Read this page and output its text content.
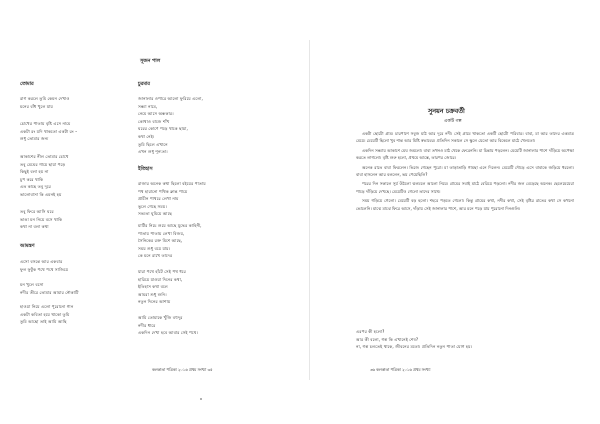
সূজন পাল
তোমার
রাগ করলে তুমি কেমন দেখাও
মনের বাঁধ খুলে যায়
চোখের পাতায় বৃষ্টি এসে নামে
একটা রং যদি থাকতো একটা রং –
শুধু তোমার জন্য
আকাশের নীল তোমার চোখে
তবু মেঘের গায়ে ছায়া পড়ে
কিছুই বলা হয় না
চুপ করে থাকি
এত কাছে তবু দূরে
ভালোবাসা কি এমনই হয়
তবু ফিরে আসি ঘরে
ভাঙা মন নিয়ে বসে থাকি
কথা না বলা কথা
আমন্ত্রণ
এসো বসন্তে আর একবার
ফুল ফুটুক পথে পথে সাজিয়ে
মন খুলে বসো
নদীর তীরে তোমার আমার নৌকাটি
হাওয়া নিয়ে এলো পুরোনো গান
একটা কবিতা হয়ে থাকো তুমি
তুমি আছো তাই আমি আছি
চুরমার
জানালার ওপারে আলো ফুরিয়ে এলো,
সন্ধ্যা নামে,
নেমে আসে অন্ধকার।
কোথাও বাজে শাঁখ
ঘরের কোণে পড়ে থাকে ছায়া,
কথা নেই।
তুমি ছিলে এখানে
এখন শুধু শূন্যতা।
ইতিহাস
রাজার অনেক কথা ছিলো বইয়ের পাতায়
পথ হারানো পথিক ক্লান্ত পায়ে
প্রাচীন পাথরে লেখা নাম
ভুলে গেছে সময়।
সভ্যতা ঘুমিয়ে আছে
মাটির নিচে শুয়ে আছে যুদ্ধের কাহিনী,
পাতায় পাতায় লেখা বিজয়,
সৈনিকের রক্ত মিশে আছে,
সময় শুধু বয়ে যায়।
কে মনে রাখে তাদের
যারা পথে হাঁটে সেই পথ ধরে
হারিয়ে যাওয়া দিনের কথা,
ইতিহাস কথা বলে
আমরা শুধু শুনি।
নতুন দিনের আশায়
আমি তোমাকে খুঁজি বহুদূর
নদীর ধারে
একদিন দেখা হবে আবার সেই পথে।
কলকাতা পত্রিকা ২০১৬ প্রথম সংখ্যা ৩৫
সুনয়ন চক্রবর্তী
একটি গল্প

একটা ছোটো গ্রাম। চারপাশে সবুজ মাঠ আর দূরে নদী। সেই গ্রামে থাকতো একটি ছোটো পরিবার। বাবা, মা আর তাদের একমাত্র মেয়ে। মেয়েটি ছিলো খুব শান্ত আর মিষ্টি স্বভাবের। প্রতিদিন সকালে সে স্কুলে যেতো আর বিকেলে মাঠে খেলতো।

একদিন সন্ধ্যায় আকাশে মেঘ জমলো। বাবা তখনও মাঠ থেকে ফেরেননি। মা চিন্তায় পড়লেন। মেয়েটি জানালার পাশে দাঁড়িয়ে অপেক্ষা করতে লাগলো। বৃষ্টি শুরু হলো, প্রথমে আস্তে, তারপর জোরে।

অনেক রাতে বাবা ফিরলেন। ভিজে গেছেন পুরো। মা তাড়াতাড়ি গামছা এনে দিলেন। মেয়েটি দৌড়ে এসে বাবাকে জড়িয়ে ধরলো। বাবা হাসলেন আর বললেন, ভয় পেয়েছিলি?

পরের দিন সকালে সূর্য উঠলো ঝলমলে আলো নিয়ে। গ্রামের সবাই মাঠে বেরিয়ে পড়লো। নদীর জল বেড়েছে অনেক। ছেলেমেয়েরা পাড়ে দাঁড়িয়ে দেখছে। মেয়েটিও গেলো তাদের সাথে।

সময় গড়িয়ে গেলো। মেয়েটি বড় হলো। শহরে পড়তে গেলো। কিন্তু গ্রামের কথা, নদীর কথা, সেই বৃষ্টির রাতের কথা সে কখনো ভোলেনি। মাঝে মাঝে ফিরে আসে, দাঁড়ায় সেই জানালার পাশে, আর মনে পড়ে যায় পুরোনো দিনগুলি।

এরপর কী হলো?
আর কী বলো, গল্প কি এখানেই শেষ?
না, গল্প চলতেই থাকে, জীবনের মতো। প্রতিদিন নতুন পাতা যোগ হয়।
৩৬ কলকাতা পত্রিকা ২০১৬ প্রথম সংখ্যা
